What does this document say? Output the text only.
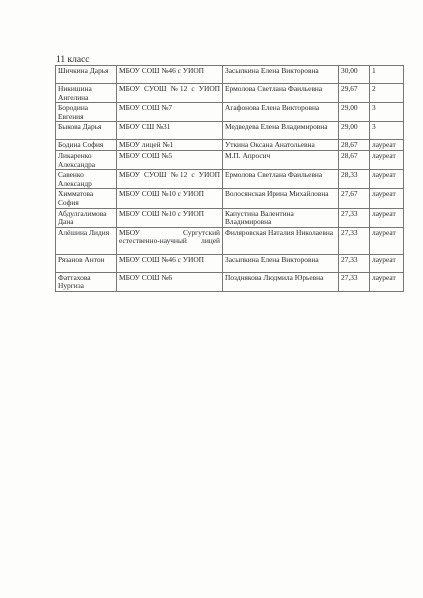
11 класс
Шичкина Дарья	МБОУ СОШ №46 с УИОП	Засыпкина Елена Викторовна	30,00	1
Никишина Ангелина	МБОУ СУОШ №12 с УИОП	Ермолова Светлана Фаильевна	29,67	2
Бородина Евгения	МБОУ СОШ №7	Агафонова Елена Викторовна	29,00	3
Быкова Дарья	МБОУ СШ №31	Медведева Елена Владимировна	29,00	3
Бодина София	МБОУ лицей №1	Уткина Оксана Анатольевна	28,67	лауреат
Ликаренко Александра	МБОУ СОШ №5	М.П. Апросич	28,67	лауреат
Савенко Александр	МБОУ СУОШ №12 с УИОП	Ермолова Светлана Фаильевна	28,33	лауреат
Химматова София	МБОУ СОШ №10 с УИОП	Волосянская Ирина Михайловна	27,67	лауреат
Абдулгалимова Дана	МБОУ СОШ №10 с УИОП	Капустина Валентина Владимировна	27,33	лауреат
Алёшина Лидия	МБОУ Сургутский естественно-научный лицей	Филяровская Наталия Николаевна	27,33	лауреат
Рязанов Антон	МБОУ СОШ №46 с УИОП	Засыпкина Елена Викторовна	27,33	лауреат
Фаттахова Нургиза	МБОУ СОШ №6	Позднякова Людмила Юрьевна	27,33	лауреат
